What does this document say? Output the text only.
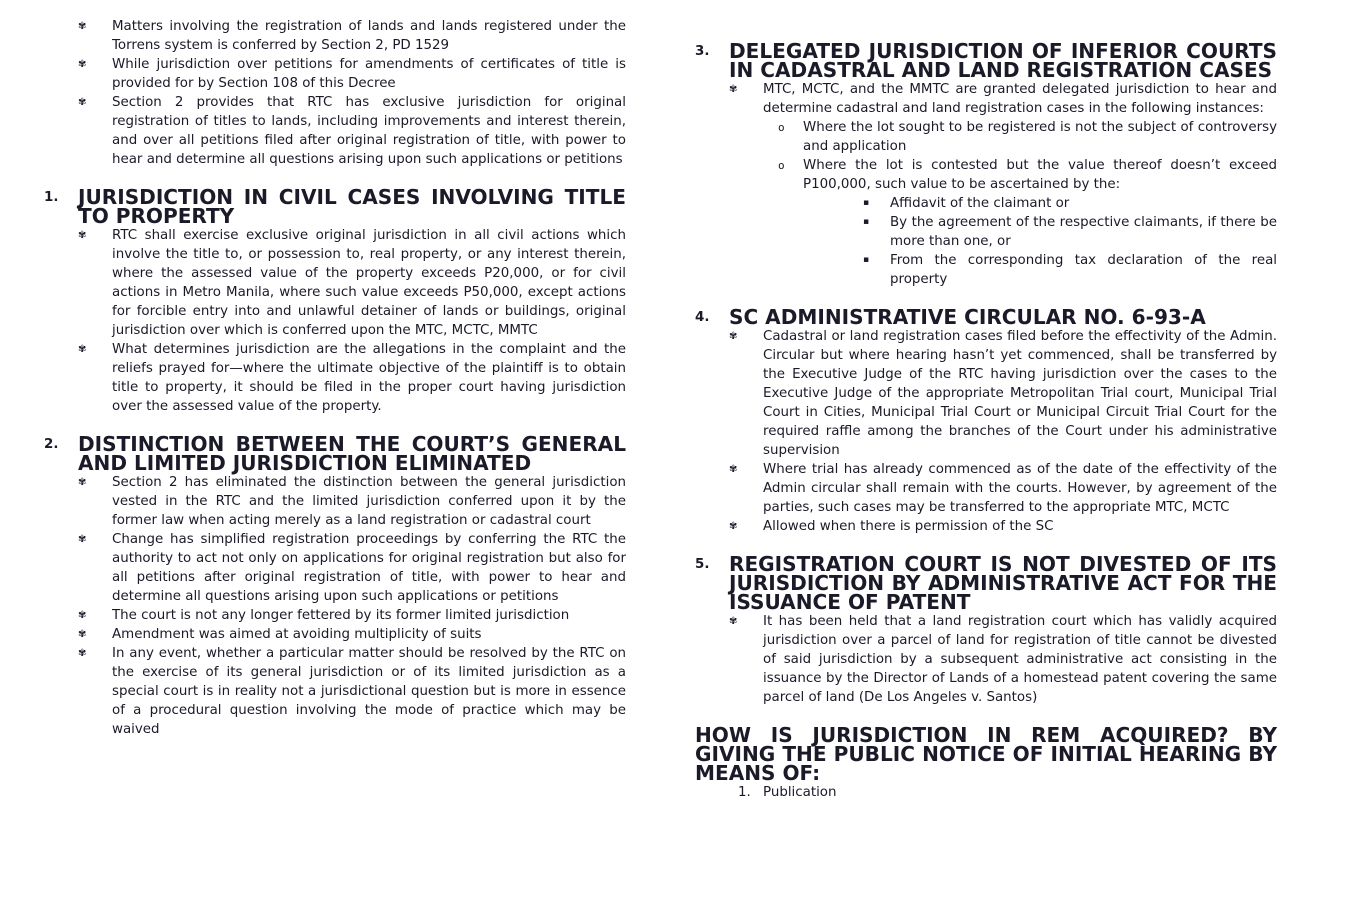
✾	Matters involving the registration of lands and lands registered under the Torrens system is conferred by Section 2, PD 1529
✾	While jurisdiction over petitions for amendments of certificates of title is provided for by Section 108 of this Decree
✾	Section 2 provides that RTC has exclusive jurisdiction for original registration of titles to lands, including improvements and interest therein, and over all petitions filed after original registration of title, with power to hear and determine all questions arising upon such applications or petitions
1. JURISDICTION IN CIVIL CASES INVOLVING TITLE TO PROPERTY
✾	RTC shall exercise exclusive original jurisdiction in all civil actions which involve the title to, or possession to, real property, or any interest therein, where the assessed value of the property exceeds P20,000, or for civil actions in Metro Manila, where such value exceeds P50,000, except actions for forcible entry into and unlawful detainer of lands or buildings, original jurisdiction over which is conferred upon the MTC, MCTC, MMTC
✾	What determines jurisdiction are the allegations in the complaint and the reliefs prayed for—where the ultimate objective of the plaintiff is to obtain title to property, it should be filed in the proper court having jurisdiction over the assessed value of the property.
2. DISTINCTION BETWEEN THE COURT’S GENERAL AND LIMITED JURISDICTION ELIMINATED
✾	Section 2 has eliminated the distinction between the general jurisdiction vested in the RTC and the limited jurisdiction conferred upon it by the former law when acting merely as a land registration or cadastral court
✾	Change has simplified registration proceedings by conferring the RTC the authority to act not only on applications for original registration but also for all petitions after original registration of title, with power to hear and determine all questions arising upon such applications or petitions
✾	The court is not any longer fettered by its former limited jurisdiction
✾	Amendment was aimed at avoiding multiplicity of suits
✾	In any event, whether a particular matter should be resolved by the RTC on the exercise of its general jurisdiction or of its limited jurisdiction as a special court is in reality not a jurisdictional question but is more in essence of a procedural question involving the mode of practice which may be waived
3. DELEGATED JURISDICTION OF INFERIOR COURTS IN CADASTRAL AND LAND REGISTRATION CASES
✾	MTC, MCTC, and the MMTC are granted delegated jurisdiction to hear and determine cadastral and land registration cases in the following instances:
o	Where the lot sought to be registered is not the subject of controversy and application
o	Where the lot is contested but the value thereof doesn’t exceed P100,000, such value to be ascertained by the:
▪	Affidavit of the claimant or
▪	By the agreement of the respective claimants, if there be more than one, or
▪	From the corresponding tax declaration of the real property
4. SC ADMINISTRATIVE CIRCULAR NO. 6-93-A
✾	Cadastral or land registration cases filed before the effectivity of the Admin. Circular but where hearing hasn’t yet commenced, shall be transferred by the Executive Judge of the RTC having jurisdiction over the cases to the Executive Judge of the appropriate Metropolitan Trial court, Municipal Trial Court in Cities, Municipal Trial Court or Municipal Circuit Trial Court for the required raffle among the branches of the Court under his administrative supervision
✾	Where trial has already commenced as of the date of the effectivity of the Admin circular shall remain with the courts. However, by agreement of the parties, such cases may be transferred to the appropriate MTC, MCTC
✾	Allowed when there is permission of the SC
5. REGISTRATION COURT IS NOT DIVESTED OF ITS JURISDICTION BY ADMINISTRATIVE ACT FOR THE ISSUANCE OF PATENT
✾	It has been held that a land registration court which has validly acquired jurisdiction over a parcel of land for registration of title cannot be divested of said jurisdiction by a subsequent administrative act consisting in the issuance by the Director of Lands of a homestead patent covering the same parcel of land (De Los Angeles v. Santos)
HOW IS JURISDICTION IN REM ACQUIRED? BY GIVING THE PUBLIC NOTICE OF INITIAL HEARING BY MEANS OF:
1. Publication
